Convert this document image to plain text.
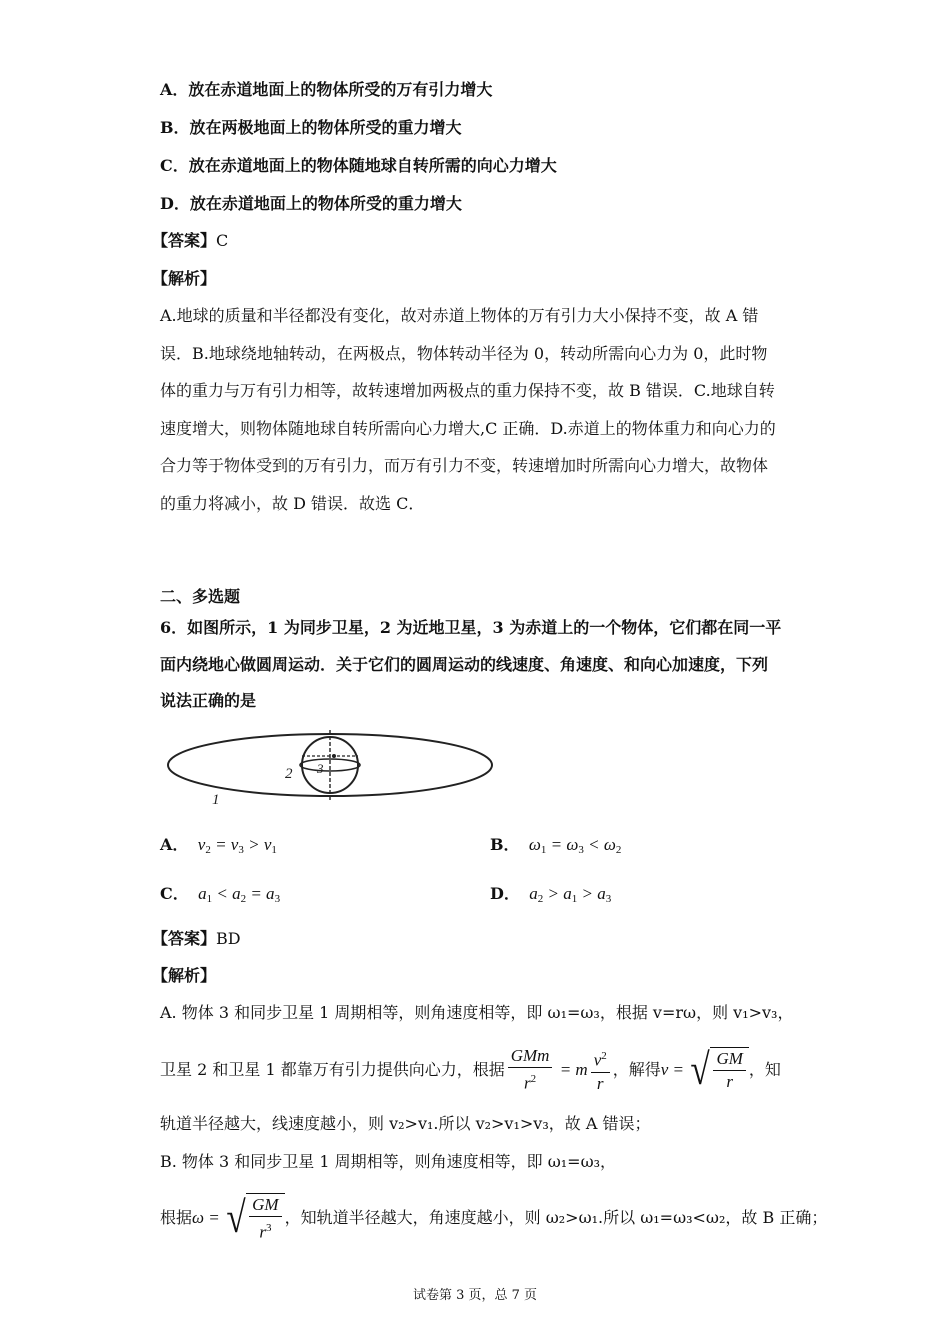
A．放在赤道地面上的物体所受的万有引力增大
B．放在两极地面上的物体所受的重力增大
C．放在赤道地面上的物体随地球自转所需的向心力增大
D．放在赤道地面上的物体所受的重力增大
【答案】C
【解析】
A.地球的质量和半径都没有变化，故对赤道上物体的万有引力大小保持不变，故 A 错
误．B.地球绕地轴转动，在两极点，物体转动半径为 0，转动所需向心力为 0，此时物
体的重力与万有引力相等，故转速增加两极点的重力保持不变，故 B 错误．C.地球自转
速度增大，则物体随地球自转所需向心力增大,C 正确．D.赤道上的物体重力和向心力的
合力等于物体受到的万有引力，而万有引力不变，转速增加时所需向心力增大，故物体
的重力将减小，故 D 错误．故选 C．
二、多选题
6．如图所示，1 为同步卫星，2 为近地卫星，3 为赤道上的一个物体，它们都在同一平
面内绕地心做圆周运动．关于它们的圆周运动的线速度、角速度、和向心加速度，下列
说法正确的是
1
2 3
A．  $v_2 = v_3 > v_1$	B．  $\omega_1 = \omega_3 < \omega_2$
C．  $a_1 < a_2 = a_3$	D．  $a_2 > a_1 > a_3$
【答案】BD
【解析】
A. 物体 3 和同步卫星 1 周期相等，则角速度相等，即 ω₁=ω₃，根据 v=rω，则 v₁>v₃，
卫星 2 和卫星 1 都靠万有引力提供向心力，根据 $\frac{\text{GMm}}{r^2} = m \frac{v^2}{r}$ ，解得 v = √ $\frac{GM}{r}$ ，知
轨道半径越大，线速度越小，则 v₂>v₁.所以 v₂>v₁>v₃，故 A 错误；
B. 物体 3 和同步卫星 1 周期相等，则角速度相等，即 ω₁=ω₃，
根据 ω = √ $\frac{GM}{r^3}$ ，知轨道半径越大，角速度越小，则 ω₂>ω₁.所以 ω₁=ω₃<ω₂，故 B 正确；
试卷第 3 页，总 7 页
